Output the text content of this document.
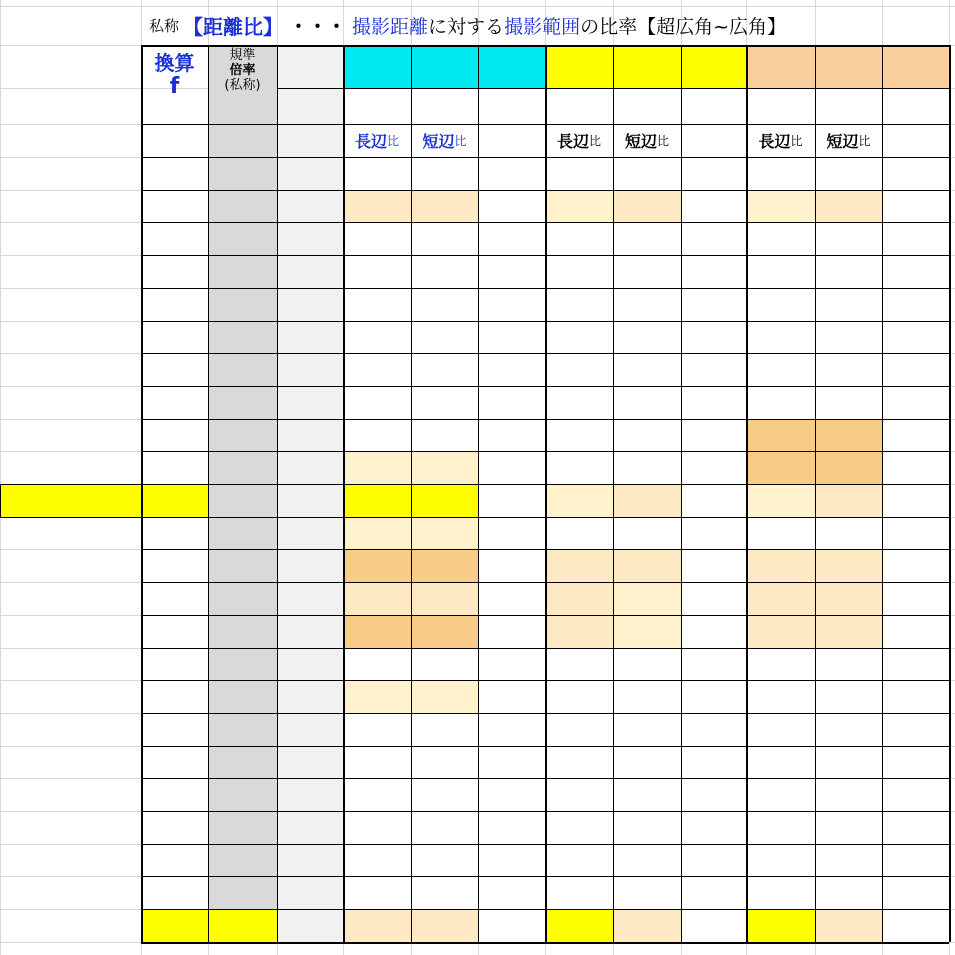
私称 【距離比】 ・・・ 撮影距離 に対する 撮影範囲 の比率【超広角~広角】
換算
f
規準
倍率
(私称)
長辺 比 短辺 比	長辺 比 短辺 比	長辺 比 短辺 比
